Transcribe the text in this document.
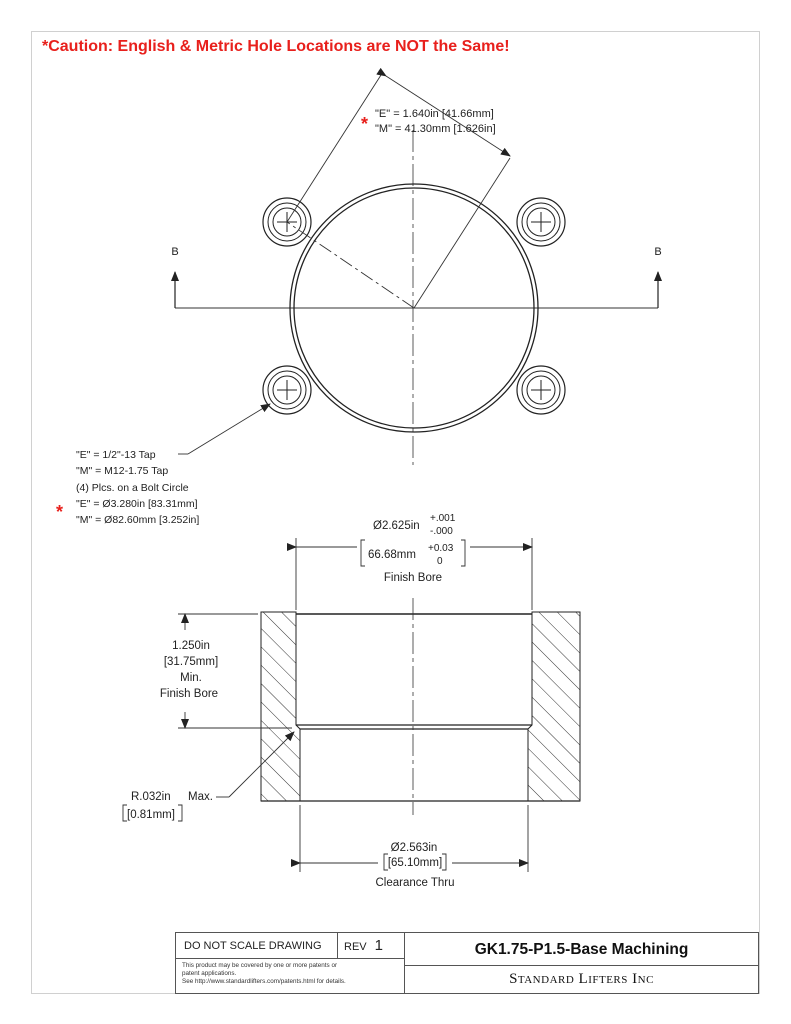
*Caution: English & Metric Hole Locations are NOT the Same!
B	B
* "E" = 1.640in [41.66mm]
"M" = 41.30mm [1.626in]
"E" = 1/2"-13 Tap
"M" = M12-1.75 Tap
(4) Plcs. on a Bolt Circle
* "E" = Ø3.280in [83.31mm]
"M" = Ø82.60mm [3.252in]	Ø2.625in
+.001
-.000
66.68mm
+0.03
0
Finish Bore
1.250in
[31.75mm]
Min.
Finish Bore
R.032in Max.
[0.81mm]
Ø2.563in
[65.10mm]
Clearance Thru
DO NOT SCALE DRAWING	REV 1
This product may be covered by one or more patents or
patent applications.
See http://www.standardlifters.com/patents.html for details.
GK1.75-P1.5-Base Machining
Standard Lifters Inc
